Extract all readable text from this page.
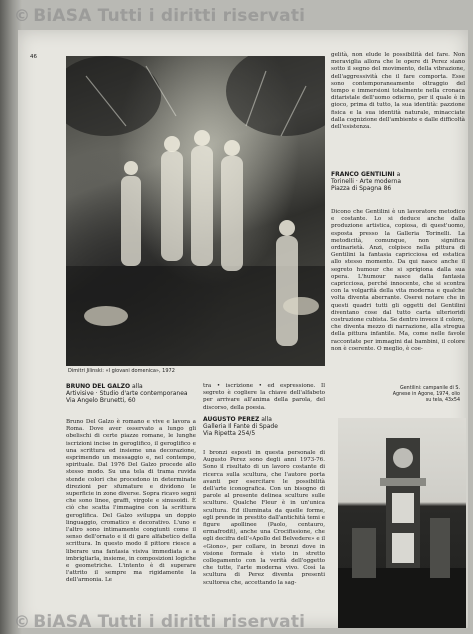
© BiASA Tutti i diritti riservati
46
Dimitri Jilinski: «I giovani domenica», 1972

gelità, non elude le possibilità del fare. Non meraviglia allora che le opere di Perez siano sotto il segno del movimento, della vibrazione, dell'aggressività che il fare comporta. Esse sono contemporaneamente oltraggio del tempo e immersioni totalmente nella cronaca ditaristale dell'uomo odierno, per il quale è in gioco, prima di tutto, la sua identità: pazzione fisica e la sua identità naturale, minacciate dalla cognizione dell'ambiente e dalle difficoltà dell'esistenza.

FRANCO GENTILINI a
Torinelli · Arte moderna
Piazza di Spagna 86

Dicono che Gentilini è un lavoratore metodico e costante. Lo si deduce anche dalla produzione artistica, copiosa, di quest'uomo, esposta presso la Galleria Torinelli. La metodicità, comunque, non significa ordinarietà. Anzi, colpisce nella pittura di Gentilini la fantasia capricciosa ed estatica allo stesso momento. Da qui nasce anche il segreto humour che si sprigiona dalla sua opera. L'humour nasce dalla fantasia capricciosa, perché innocente, che si scontra con la volgarità della vita moderna e qualche volta diventa aberrante. Oserei notare che in questi quadri tutti gli oggetti del Gentilini diventano cose dal tutto carta ulterioridi costruzione cubista. Se dentro invece il colore, che diventa mezzo di narrazione, alla stregua della pittura infantile. Ma, come nelle favole raccontate per immagini dai bambini, il colore non è coerente. O meglio, è coe-

BRUNO DEL GALZO alla
Artivisive · Studio d'arte contemporanea
Via Angelo Brunetti, 60

Bruno Del Galzo è romano e vive e lavora a Roma. Dove aver osservato a lungo gli obelischi di certe piazze romane, le lunghe iscrizioni incise in geroglifico, il geroglifico e una scrittura ed insieme una decorazione, esprimendo un messaggio e, nel contempo, spirituale. Dal 1976 Del Galzo procede allo stesso modo. Su una tela di trama ruvida stende colori che procedono in determinate direzioni per sfumature e dividono le superficie in zone diverse. Sopra ricavo segni che sono linee, graffi, virgole e sinusoidi. È ciò che scatta l'immagine con la scrittura geroglifica. Del Galzo sviluppa un doppio linguaggio, cromatico e decorativo. L'uno e l'altro sono intimamente congiunti come il senso dell'ornato e il di gare alfabetico della scrittura. In questo modo il pittore riesce a liberare una fantasia visiva immediata e a imbrigliarla, insieme, in composizioni logiche e geometriche. L'intento è di superare l'attrito il sempre ma rigidamente la dell'armonia. Le

tra • iscrizione • ed espressione. Il segreto è cogliere la chiave dell'alfabeto per arrivare all'anima della parola, del discorso, della poesia.

AUGUSTO PEREZ alla
Galleria Il Fante di Spade
Via Ripetta 254/5

I bronzi esposti in questa personale di Augusto Perez sono degli anni 1973-76. Sono il risultato di un lavoro costante di ricerca sulla scultura, che l'autore porta avanti per esercitare le possibilità dell'arte iconografica. Con un bisogno di parole al presente delinea sculture sulle sculture. Qualche Fleur è in un'unica scultura. Ed illuminata da quelle forme, egli prende in prestito dall'antichità temi e figure apollinee (Paolo, centauro, ermafrodit), anche una Crocifissione, che egli decifra dell'«Apollo del Belvedere» e il «Giono», per collare, in bronzi dove in visione formale è visto in stretto collegamento con la verità dell'oggetto che tutte, l'arte moderna vivo. Così la scultura di Perez diventa presenti scultorea che, accettando la sag-

Gentilini: campanile di S. Agnese in Agone, 1974, olio su tela, 43x54
© BiASA Tutti i diritti riservati
